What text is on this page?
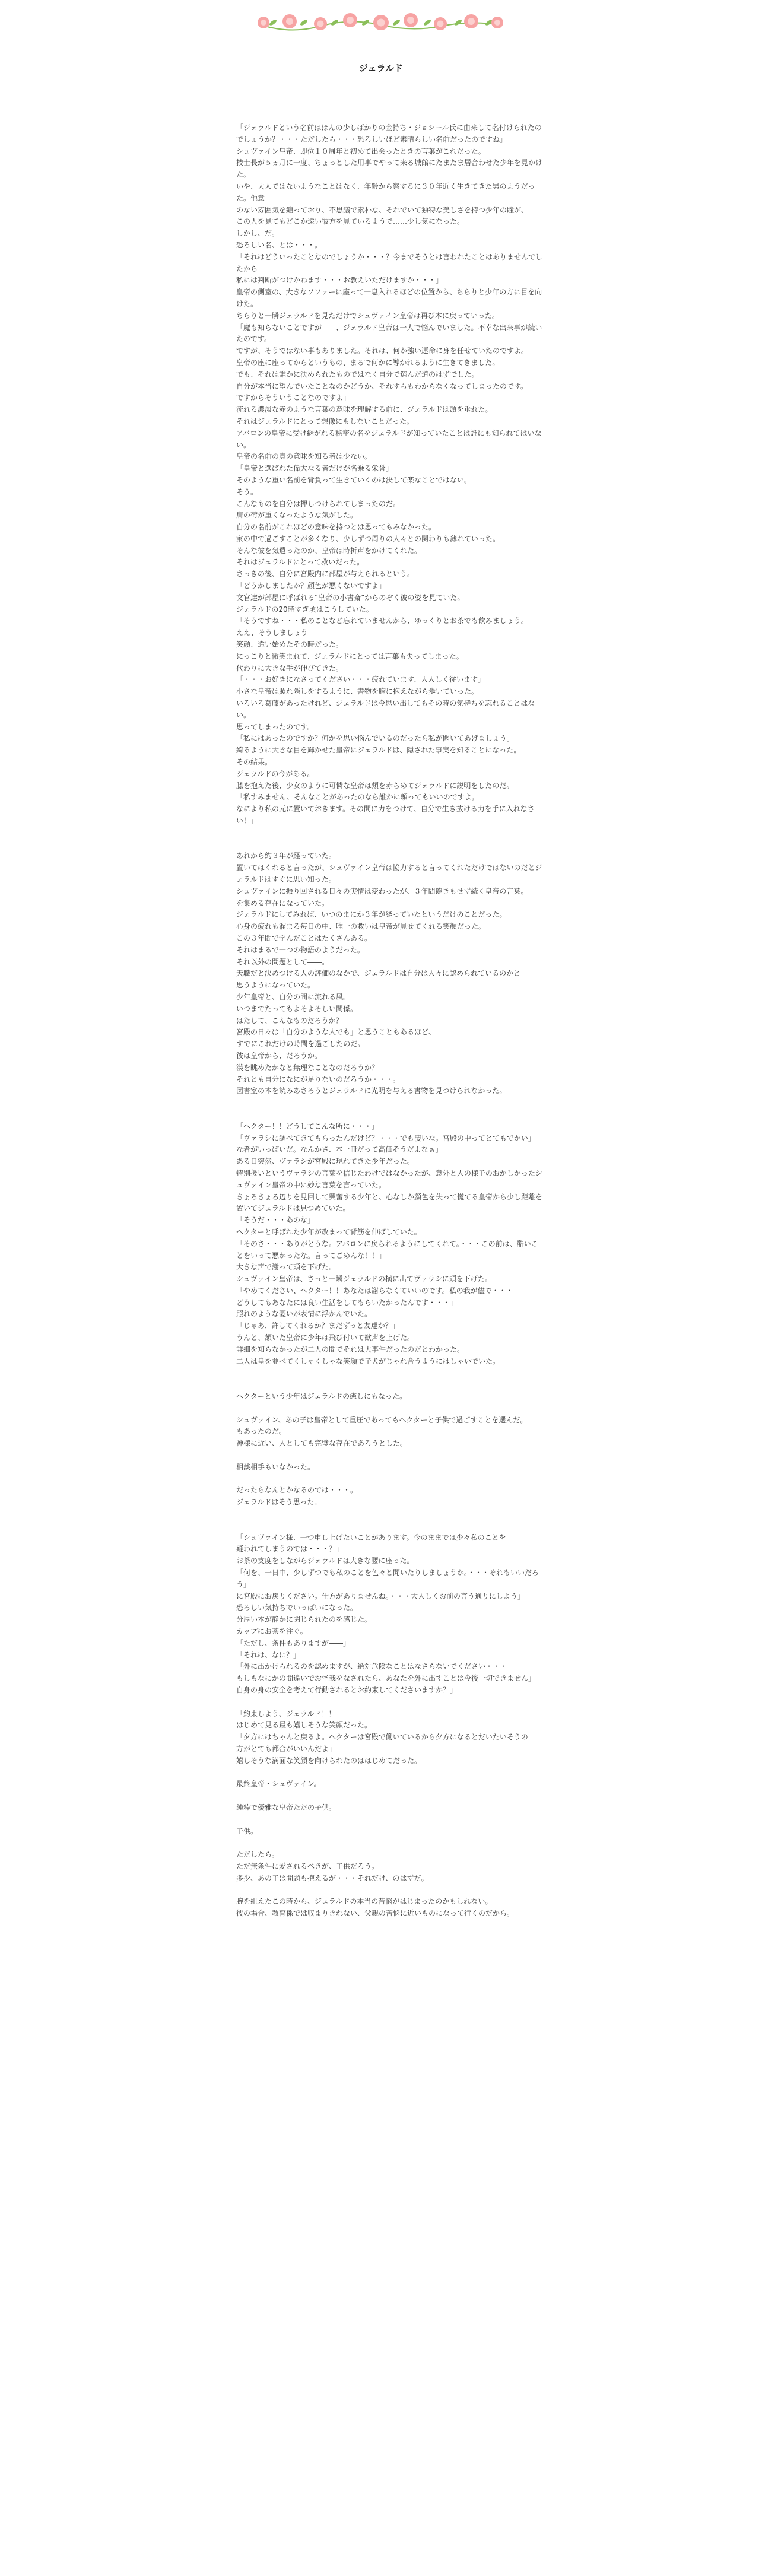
ジェラルド

「ジェラルドという名前はほんの少しばかりの金持ち・ジョシール氏に由来して名付けられたのでしょうか？・・・ただしたら・・・恐ろしいほど素晴らしい名前だったのですね」

シュヴァイン皇帝、即位１０周年と初めて出会ったときの言葉がこれだった。

技士長が５ヵ月に一度、ちょっとした用事でやって来る城館にたまたま居合わせた少年を見かけた。

いや、大人ではないようなことはなく、年齢から察するに３０年近く生きてきた男のようだった。他意

のない雰囲気を纏っており、不思議で素朴な、それでいて独特な美しさを持つ少年の瞳が、

この人を見てもどこか遠い彼方を見ているようで……少し気になった。

しかし、だ。

恐ろしい名、とは・・・。

「それはどういったことなのでしょうか・・・？今までそうとは言われたことはありませんでしたから

私には判断がつけかねます・・・お教えいただけますか・・・」

皇帝の側室の、大きなソファーに座って一息入れるほどの位置から、ちらりと少年の方に目を向けた。

ちらりと一瞬ジェラルドを見ただけでシュヴァイン皇帝は再び本に戻っていった。

「魔も知らないことですが――、ジェラルド皇帝は一人で悩んでいました。不幸な出来事が続いたのです。

ですが、そうではない事もありました。それは、何か強い運命に身を任せていたのですよ。

皇帝の座に座ってからというもの、まるで何かに導かれるように生きてきました。

でも、それは誰かに決められたものではなく自分で選んだ道のはずでした。

自分が本当に望んでいたことなのかどうか、それすらもわからなくなってしまったのです。

ですからそういうことなのですよ」

流れる濃淡な赤のような言葉の意味を理解する前に、ジェラルドは頭を垂れた。

それはジェラルドにとって想像にもしないことだった。

アバロンの皇帝に受け継がれる秘密の名をジェラルドが知っていたことは誰にも知られてはいない。

皇帝の名前の真の意味を知る者は少ない。

「皇帝と選ばれた偉大なる者だけが名乗る栄誉」

そのような重い名前を背負って生きていくのは決して楽なことではない。

そう。

こんなものを自分は押しつけられてしまったのだ。

肩の荷が重くなったような気がした。

自分の名前がこれほどの意味を持つとは思ってもみなかった。

家の中で過ごすことが多くなり、少しずつ周りの人々との関わりも薄れていった。

そんな彼を気遣ったのか、皇帝は時折声をかけてくれた。

それはジェラルドにとって救いだった。

さっきの後、自分に宮殿内に部屋が与えられるという。

「どうかしましたか？顔色が悪くないですよ」

文官達が部屋に呼ばれる“皇帝の小書斎”からのぞく彼の姿を見ていた。

ジェラルドの20時すぎ頃はこうしていた。

「そうですね・・・私のことなど忘れていませんから、ゆっくりとお茶でも飲みましょう。

ええ、そうしましょう」

笑顔、違い始めたその時だった。

にっこりと微笑まれて、ジェラルドにとっては言葉も失ってしまった。

代わりに大きな手が伸びてきた。

「・・・お好きになさってください・・・疲れています、大人しく従います」

小さな皇帝は照れ隠しをするように、書物を胸に抱えながら歩いていった。

いろいろ葛藤があったけれど、ジェラルドは今思い出してもその時の気持ちを忘れることはない。

思ってしまったのです。

「私にはあったのですか？何かを思い悩んでいるのだったら私が聞いてあげましょう」

綺るように大きな目を輝かせた皇帝にジェラルドは、隠された事実を知ることになった。

その結果。

ジェラルドの今がある。

膝を抱えた後、少女のように可憐な皇帝は頬を赤らめてジェラルドに説明をしたのだ。

「私すみません、そんなことがあったのなら誰かに頼ってもいいのですよ。

なにより私の元に置いておきます。その間に力をつけて、自分で生き抜ける力を手に入れなさい！」

あれから約３年が経っていた。

置いてはくれると言ったが、シュヴァイン皇帝は協力すると言ってくれただけではないのだとジェラルドはすぐに思い知った。

シュヴァインに振り回される日々の実情は変わったが、３年間飽きもせず続く皇帝の言葉。

を集める存在になっていた。

ジェラルドにしてみれば、いつのまにか３年が経っていたというだけのことだった。

心身の疲れも溜まる毎日の中、唯一の救いは皇帝が見せてくれる笑顔だった。

この３年間で学んだことはたくさんある。

それはまるで一つの物語のようだった。

それ以外の問題として――。

天職だと決めつける人の評価のなかで、ジェラルドは自分は人々に認められているのかと

思うようになっていた。

少年皇帝と、自分の間に流れる風。

いつまでたってもよそよそしい関係。

はたして、こんなものだろうか？

宮殿の日々は「自分のような人でも」と思うこともあるほど、

すでにこれだけの時間を過ごしたのだ。

彼は皇帝から、だろうか。

漠を眺めたかなと無理なことなのだろうか？

それとも自分になにが足りないのだろうか・・・。

図書室の本を読みあさろうとジェラルドに光明を与える書物を見つけられなかった。

「ヘクター！！どうしてこんな所に・・・」

「ヴァラシに調べてきてもらったんだけど？・・・でも凄いな。宮殿の中ってとてもでかい」

な者がいっぱいだ。なんかさ、本一冊だって高価そうだよなぁ」

ある日突然、ヴァラシが宮殿に現れてきた少年だった。

特別扱いというヴァラシの言葉を信じたわけではなかったが、意外と人の様子のおかしかったシュヴァイン皇帝の中に妙な言葉を言っていた。

きょろきょろ辺りを見回して興奮する少年と、心なしか顔色を失って慌てる皇帝から少し距離を置いてジェラルドは見つめていた。

「そうだ・・・あのな」

ヘクターと呼ばれた少年が改まって背筋を伸ばしていた。

「そのさ・・・ありがとうな。アバロンに戻られるようにしてくれて。・・・この前は、酷いことをいって悪かったな。言ってごめんな！！」

大きな声で謝って頭を下げた。

シュヴァイン皇帝は、さっと一瞬ジェラルドの横に出てヴァラシに頭を下げた。

「やめてください、ヘクター！！あなたは謝らなくていいのです。私の我が儘で・・・

どうしてもあなたには良い生活をしてもらいたかったんです・・・」

照れのような憂いが表情に浮かんでいた。

「じゃあ、許してくれるか？まだずっと友達か？」

うんと、頷いた皇帝に少年は飛び付いて歓声を上げた。

詳細を知らなかったが二人の間でそれは大事件だったのだとわかった。

二人は皇を並べてくしゃくしゃな笑顔で子犬がじゃれ合うようにはしゃいでいた。

ヘクターという少年はジェラルドの癒しにもなった。

シュヴァイン、あの子は皇帝として重圧であってもヘクターと子供で過ごすことを選んだ。

もあったのだ。

神様に近い、人としても完璧な存在であろうとした。

相談相手もいなかった。

だったらなんとかなるのでは・・・。

ジェラルドはそう思った。

「シュヴァイン様、一つ申し上げたいことがあります。今のままでは少々私のことを

疑われてしまうのでは・・・？」

お茶の支度をしながらジェラルドは大きな腰に座った。

「何を、一日中、少しずつでも私のことを色々と聞いたりしましょうか。・・・それもいいだろう」

に宮殿にお戻りください。仕方がありませんね。・・・大人しくお前の言う通りにしよう」

恐ろしい気持ちでいっぱいになった。

分厚い本が静かに閉じられたのを感じた。

カップにお茶を注ぐ。

「ただし、条件もありますが――」

「それは、なに？」

「外に出かけられるのを認めますが、絶対危険なことはなさらないでください・・・

もしもなにかの間違いでお怪我をなされたら、あなたを外に出すことは今後一切できません」

自身の身の安全を考えて行動されるとお約束してくださいますか？」

「約束しよう、ジェラルド！！」

はじめて見る最も嬉しそうな笑顔だった。

「夕方にはちゃんと戻るよ。ヘクターは宮殿で働いているから夕方になるとだいたいそうの

方がとても都合がいいんだよ」

嬉しそうな満面な笑顔を向けられたのははじめてだった。

最終皇帝・シュヴァイン。

純粋で優雅な皇帝ただの子供。

子供。

ただしたら。

ただ無条件に愛されるべきが、子供だろう。

多少、あの子は問題も抱えるが・・・それだけ、のはずだ。

腕を組えたこの時から、ジェラルドの本当の苦悩がはじまったのかもしれない。

彼の場合、教育係では収まりきれない、父親の苦悩に近いものになって行くのだから。
